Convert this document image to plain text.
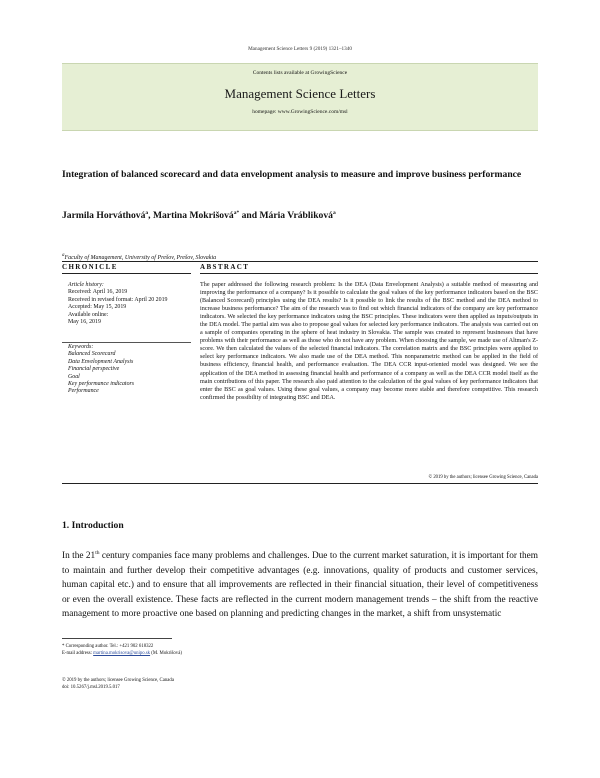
Management Science Letters 9 (2019) 1321–1340
Contents lists available at GrowingScience
Management Science Letters
homepage: www.GrowingScience.com/msl
Integration of balanced scorecard and data envelopment analysis to measure and improve business performance
Jarmila Horváthová$^a$, Martina Mokrišová$^{a*}$ and Mária Vrábliková$^a$
$^a$Faculty of Management, University of Prešov, Prešov, Slovakia
CHRONICLE	ABSTRACT
Article history:
Received: April 16, 2019
Received in revised format: April 20 2019
Accepted: May 15, 2019
Available online:
May 16, 2019
Keywords:
Balanced Scorecard
Data Envelopment Analysis
Financial perspective
Goal
Key performance indicators
Performance
The paper addressed the following research problem: Is the DEA (Data Envelopment Analysis) a suitable method of measuring and improving the performance of a company? Is it possible to calculate the goal values of the key performance indicators based on the BSC (Balanced Scorecard) principles using the DEA results? Is it possible to link the results of the BSC method and the DEA method to increase business performance? The aim of the research was to find out which financial indicators of the company are key performance indicators. We selected the key performance indicators using the BSC principles. These indicators were then applied as inputs/outputs in the DEA model. The partial aim was also to propose goal values for selected key performance indicators. The analysis was carried out on a sample of companies operating in the sphere of heat industry in Slovakia. The sample was created to represent businesses that have problems with their performance as well as those who do not have any problem. When choosing the sample, we made use of Altman's Z-score. We then calculated the values of the selected financial indicators. The correlation matrix and the BSC principles were applied to select key performance indicators. We also made use of the DEA method. This nonparametric method can be applied in the field of business efficiency, financial health, and performance evaluation. The DEA CCR input-oriented model was designed. We see the application of the DEA method in assessing financial health and performance of a company as well as the DEA CCR model itself as the main contributions of this paper. The research also paid attention to the calculation of the goal values of key performance indicators that enter the BSC as goal values. Using these goal values, a company may become more stable and therefore competitive. This research confirmed the possibility of integrating BSC and DEA.
© 2019 by the authors; licensee Growing Science, Canada
1. Introduction
In the 21th century companies face many problems and challenges. Due to the current market saturation, it is important for them to maintain and further develop their competitive advantages (e.g. innovations, quality of products and customer services, human capital etc.) and to ensure that all improvements are reflected in their financial situation, their level of competitiveness or even the overall existence. These facts are reflected in the current modern management trends – the shift from the reactive management to more proactive one based on planning and predicting changes in the market, a shift from unsystematic
* Corresponding author. Tel.: +421 902 618322
E-mail address: martina.mokrisova@unipo.sk (M. Mokrišová)
© 2019 by the authors; licensee Growing Science, Canada
doi: 10.5267/j.msl.2019.5.017
